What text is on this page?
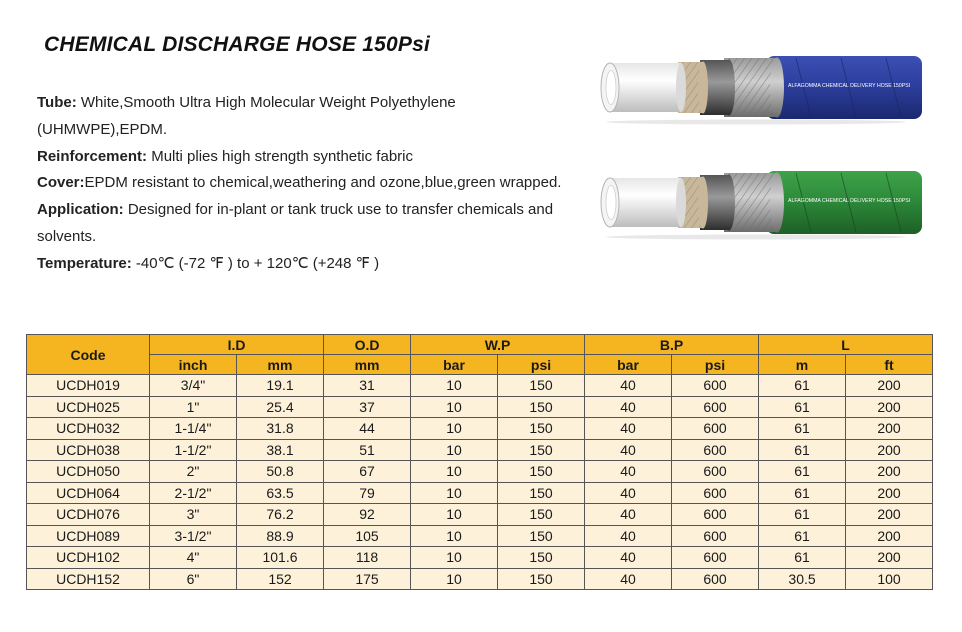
CHEMICAL DISCHARGE HOSE 150Psi
Tube: White,Smooth Ultra High Molecular Weight Polyethylene (UHMWPE),EPDM.
Reinforcement: Multi plies high strength synthetic fabric
Cover:EPDM resistant to chemical,weathering and ozone,blue,green wrapped.
Application: Designed for in-plant or tank truck use to transfer chemicals and solvents.
Temperature: -40℃ (-72 ℉ ) to + 120℃ (+248 ℉ )
ALFAGOMMA CHEMICAL DELIVERY HOSE 150PSI
ALFAGOMMA CHEMICAL DELIVERY HOSE 150PSI
Code	I.D		O.D	W.P		B.P		L	
	inch	mm	mm	bar	psi	bar	psi	m	ft
UCDH019	3/4"	19.1	31	10	150	40	600	61	200
UCDH025	1"	25.4	37	10	150	40	600	61	200
UCDH032	1-1/4"	31.8	44	10	150	40	600	61	200
UCDH038	1-1/2"	38.1	51	10	150	40	600	61	200
UCDH050	2"	50.8	67	10	150	40	600	61	200
UCDH064	2-1/2"	63.5	79	10	150	40	600	61	200
UCDH076	3"	76.2	92	10	150	40	600	61	200
UCDH089	3-1/2"	88.9	105	10	150	40	600	61	200
UCDH102	4"	101.6	118	10	150	40	600	61	200
UCDH152	6"	152	175	10	150	40	600	30.5	100
